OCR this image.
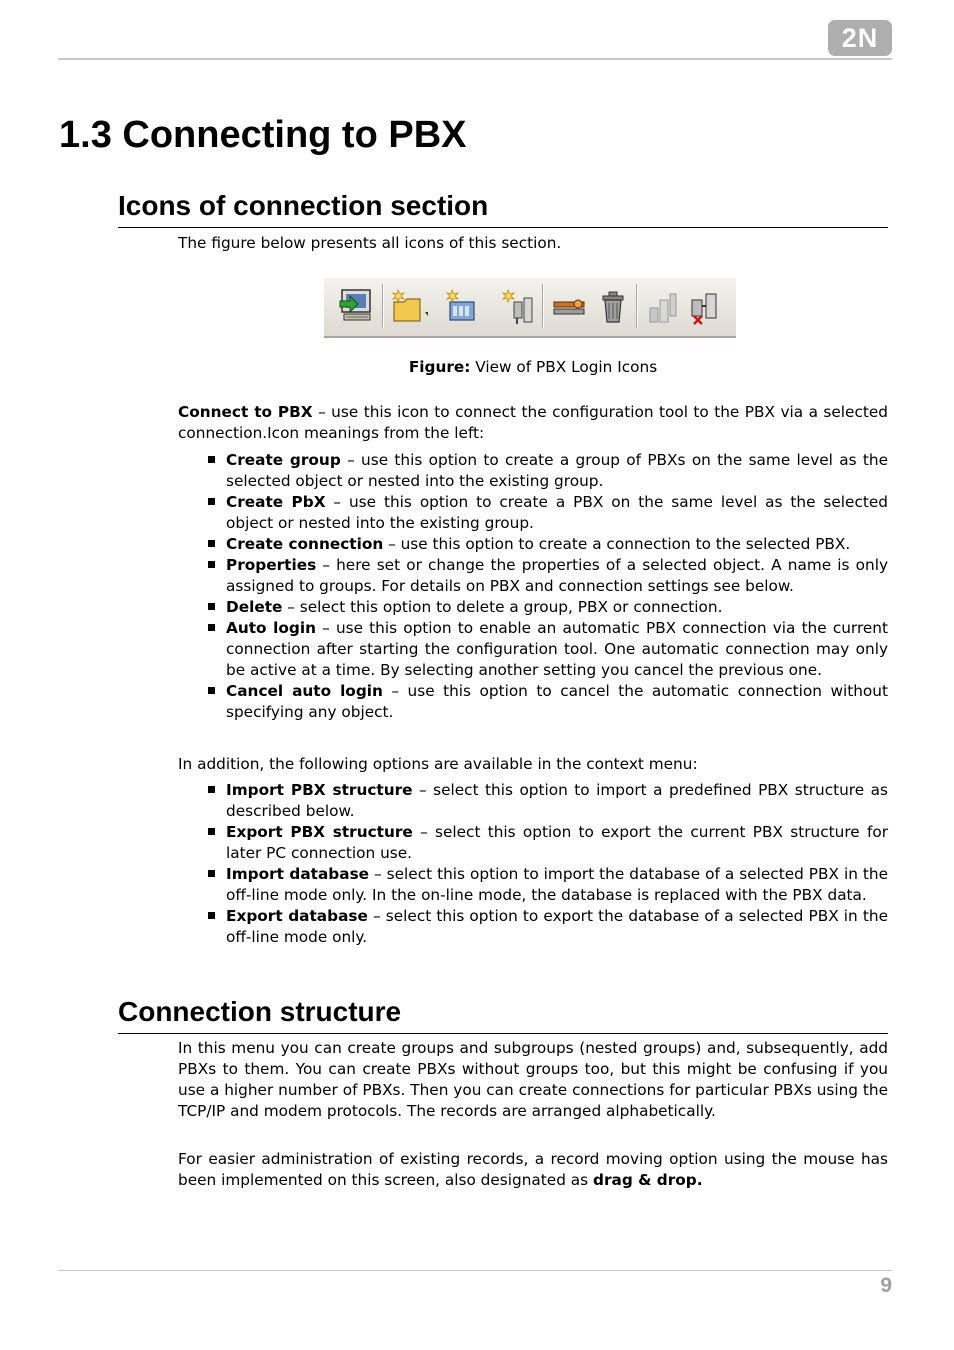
2N
1.3 Connecting to PBX
Icons of connection section

The figure below presents all icons of this section.

Figure: View of PBX Login Icons

Connect to PBX – use this icon to connect the configuration tool to the PBX via a selected connection.Icon meanings from the left:

Create group – use this option to create a group of PBXs on the same level as the selected object or nested into the existing group.
Create PbX – use this option to create a PBX on the same level as the selected object or nested into the existing group.
Create connection – use this option to create a connection to the selected PBX.
Properties – here set or change the properties of a selected object. A name is only assigned to groups. For details on PBX and connection settings see below.
Delete – select this option to delete a group, PBX or connection.
Auto login – use this option to enable an automatic PBX connection via the current connection after starting the configuration tool. One automatic connection may only be active at a time. By selecting another setting you cancel the previous one.
Cancel auto login – use this option to cancel the automatic connection without specifying any object.

In addition, the following options are available in the context menu:

Import PBX structure – select this option to import a predefined PBX structure as described below.
Export PBX structure – select this option to export the current PBX structure for later PC connection use.
Import database – select this option to import the database of a selected PBX in the off-line mode only. In the on-line mode, the database is replaced with the PBX data.
Export database – select this option to export the database of a selected PBX in the off-line mode only.
Connection structure

In this menu you can create groups and subgroups (nested groups) and, subsequently, add PBXs to them. You can create PBXs without groups too, but this might be confusing if you use a higher number of PBXs. Then you can create connections for particular PBXs using the TCP/IP and modem protocols. The records are arranged alphabetically.

For easier administration of existing records, a record moving option using the mouse has been implemented on this screen, also designated as drag & drop.

9
